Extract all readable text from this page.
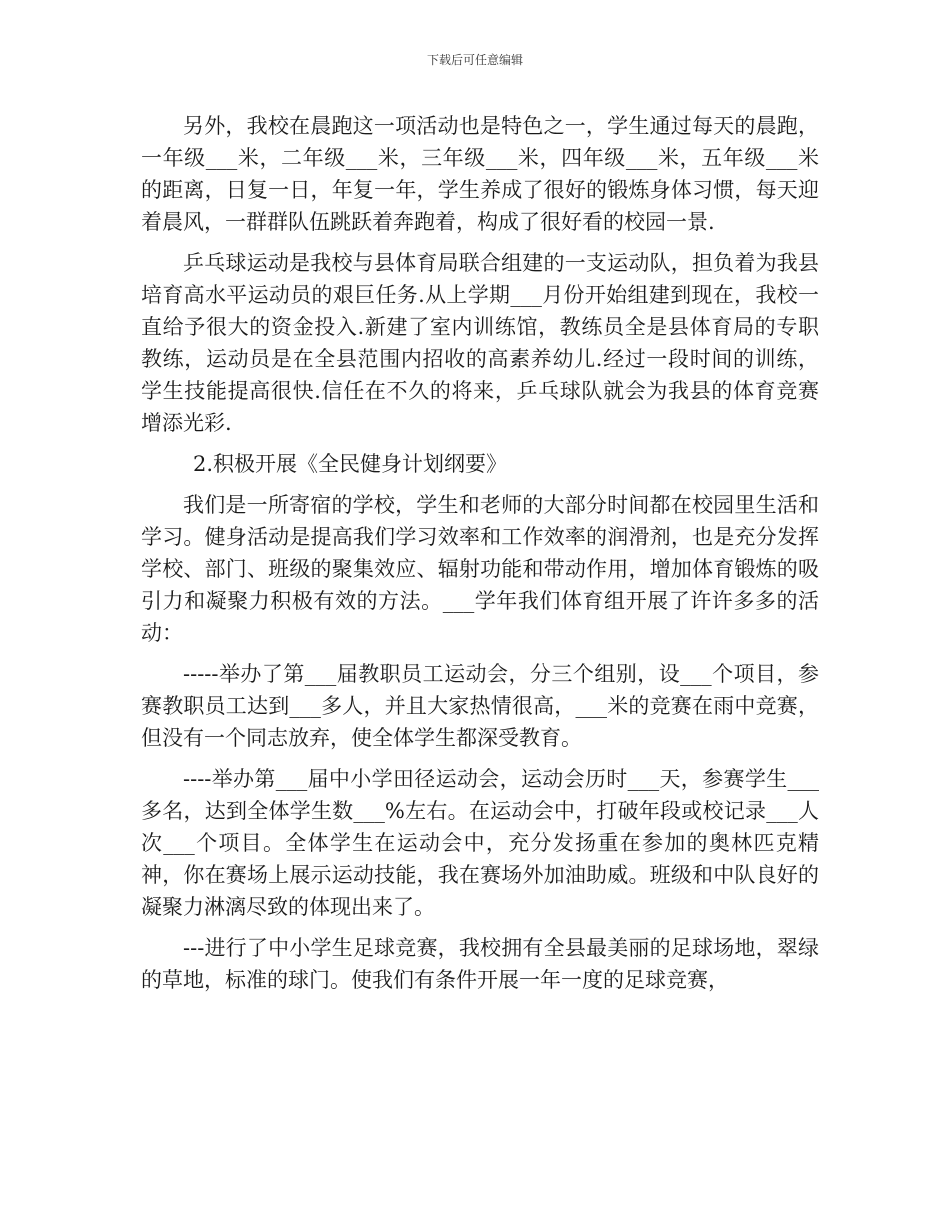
下载后可任意编辑

另外，我校在晨跑这一项活动也是特色之一，学生通过每天的晨跑，一年级___米，二年级___米，三年级___米，四年级___米，五年级___米的距离，日复一日，年复一年，学生养成了很好的锻炼身体习惯，每天迎着晨风，一群群队伍跳跃着奔跑着，构成了很好看的校园一景.

乒乓球运动是我校与县体育局联合组建的一支运动队，担负着为我县培育高水平运动员的艰巨任务.从上学期___月份开始组建到现在，我校一直给予很大的资金投入.新建了室内训练馆，教练员全是县体育局的专职教练，运动员是在全县范围内招收的高素养幼儿.经过一段时间的训练，学生技能提高很快.信任在不久的将来，乒乓球队就会为我县的体育竞赛增添光彩.

2.积极开展《全民健身计划纲要》

我们是一所寄宿的学校，学生和老师的大部分时间都在校园里生活和学习。健身活动是提高我们学习效率和工作效率的润滑剂，也是充分发挥学校、部门、班级的聚集效应、辐射功能和带动作用，增加体育锻炼的吸引力和凝聚力积极有效的方法。___学年我们体育组开展了许许多多的活动：

-----举办了第___届教职员工运动会，分三个组别，设___个项目，参赛教职员工达到___多人，并且大家热情很高，___米的竞赛在雨中竞赛，但没有一个同志放弃，使全体学生都深受教育。

----举办第___届中小学田径运动会，运动会历时___天，参赛学生___多名，达到全体学生数___%左右。在运动会中，打破年段或校记录___人次___个项目。全体学生在运动会中，充分发扬重在参加的奥林匹克精神，你在赛场上展示运动技能，我在赛场外加油助威。班级和中队良好的凝聚力淋漓尽致的体现出来了。

---进行了中小学生足球竞赛，我校拥有全县最美丽的足球场地，翠绿的草地，标准的球门。使我们有条件开展一年一度的足球竞赛，
